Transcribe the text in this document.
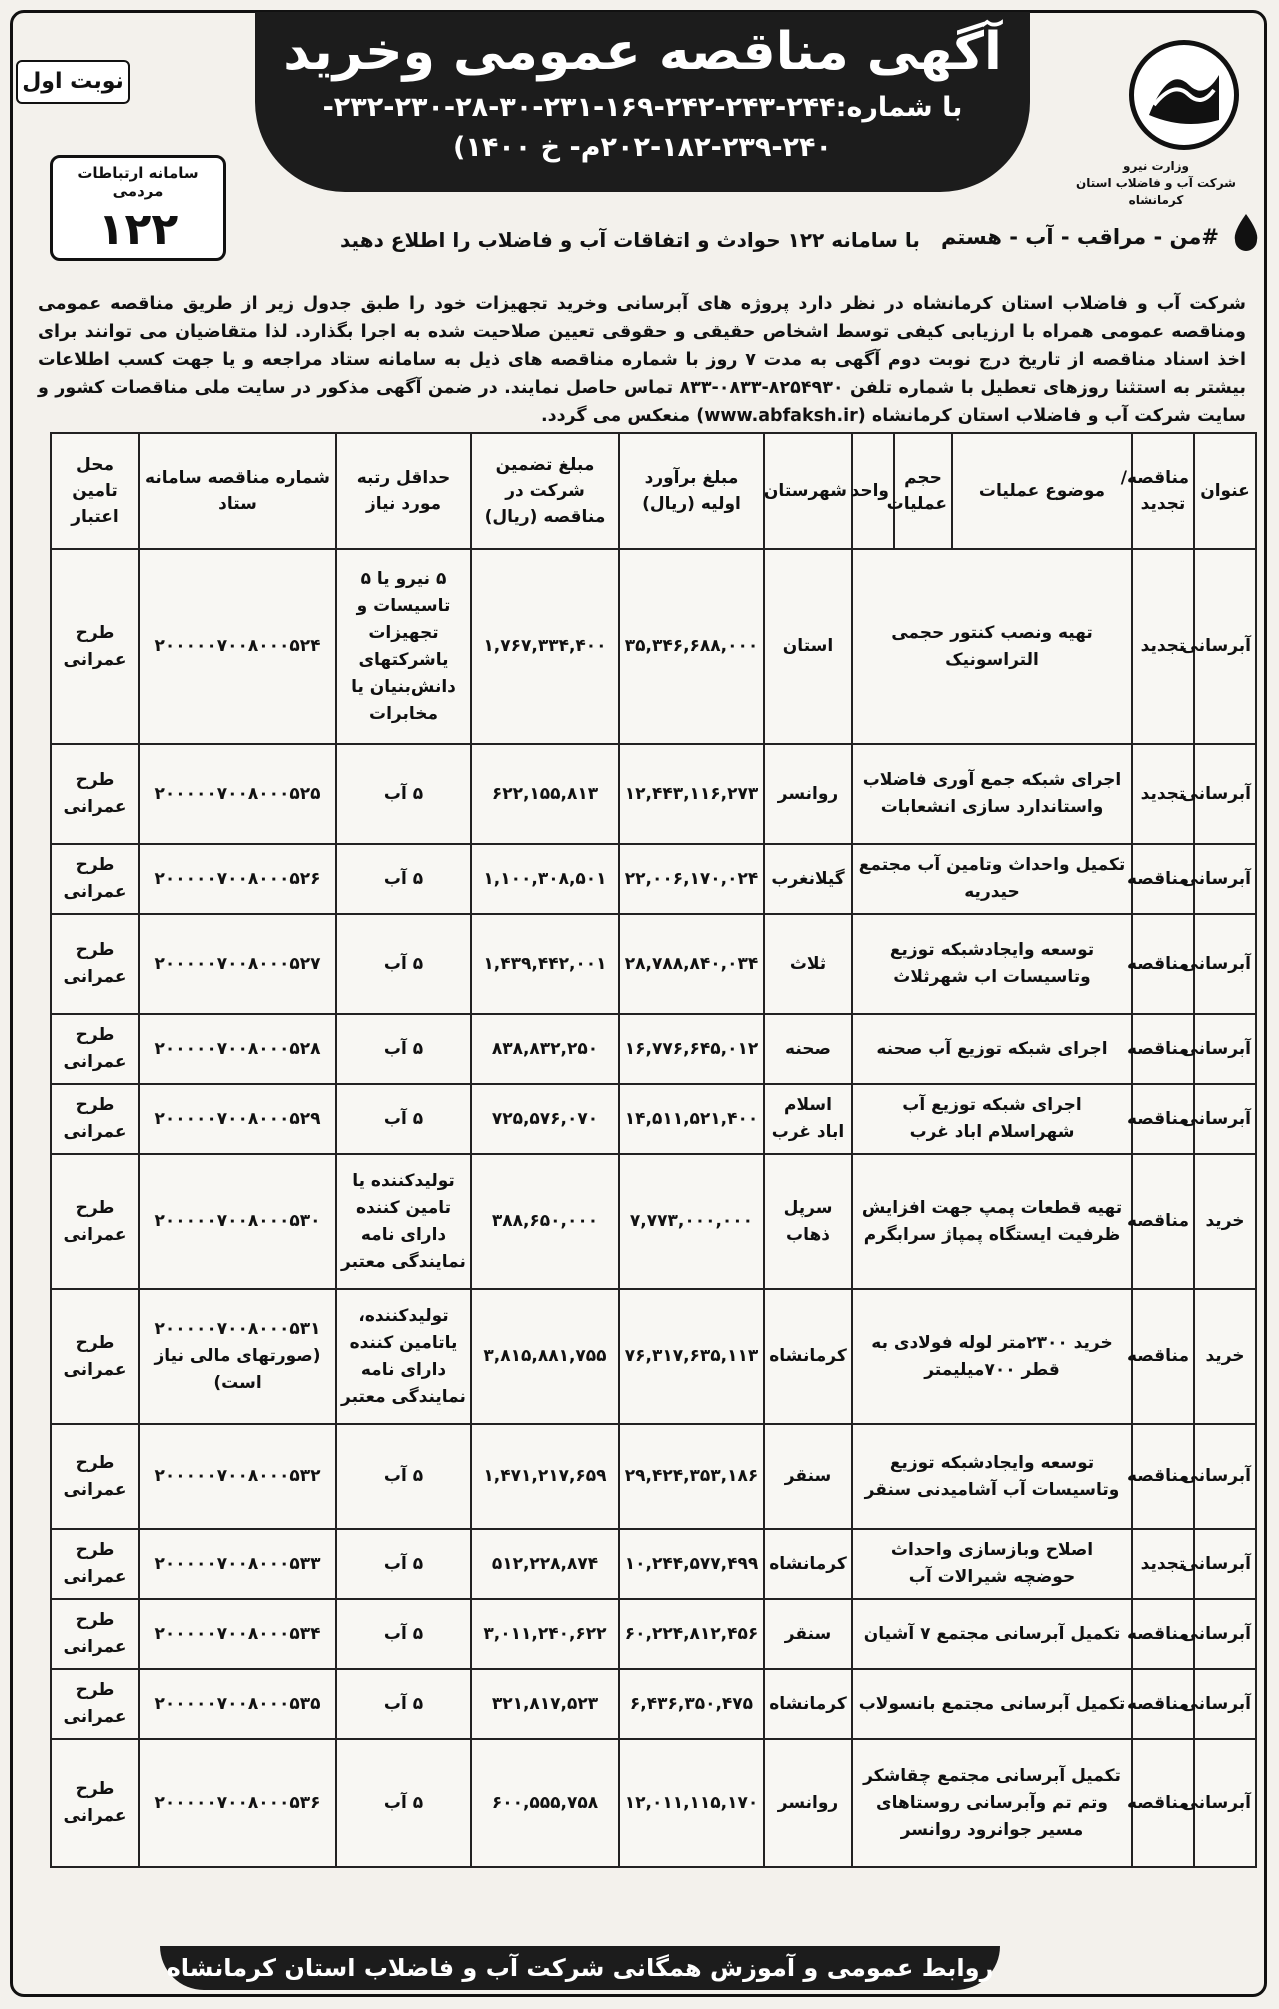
نوبت اول	آگهی مناقصه عمومی وخرید
با شماره:۲۴۴-۲۴۳-۲۴۲-۱۶۹-۲۳۱-۳۰-۲۸-۲۳۰-۲۳۲- ۲۴۰-۲۳۹-۱۸۲-۲۰۲م- خ ۱۴۰۰)
وزارت نیرو
شرکت آب و فاضلاب استان کرمانشاه
سامانه ارتباطات مردمی
۱۲۲	#من - مراقب - آب - هستم
با سامانه ۱۲۲ حوادث و اتفاقات آب و فاضلاب را اطلاع دهید
شرکت آب و فاضلاب استان کرمانشاه در نظر دارد پروژه های آبرسانی وخرید تجهیزات خود را طبق جدول زیر از طریق مناقصه عمومی ومناقصه عمومی همراه با ارزیابی کیفی توسط اشخاص حقیقی و حقوقی تعیین صلاحیت شده به اجرا بگذارد. لذا متقاضیان می توانند برای اخذ اسناد مناقصه از تاریخ درج نوبت دوم آگهی به مدت ۷ روز با شماره مناقصه های ذیل به سامانه ستاد مراجعه و یا جهت کسب اطلاعات بیشتر به استثنا روزهای تعطیل با شماره تلفن ۸۲۵۴۹۳۰-۰۸۳۳-۸۳۳ تماس حاصل نمایند. در ضمن آگهی مذکور در سایت ملی مناقصات کشور و سایت شرکت آب و فاضلاب استان کرمانشاه (www.abfaksh.ir) منعکس می گردد.
عنوان	مناقصه/ تجدید	موضوع عملیات	حجم عملیات	واحد	شهرستان	مبلغ برآورد اولیه (ریال)	مبلغ تضمین شرکت در مناقصه (ریال)	حداقل رتبه مورد نیاز	شماره مناقصه سامانه ستاد	محل تامین اعتبار
آبرسانی	تجدید	تهیه ونصب کنتور حجمی التراسونیک			استان	۳۵,۳۴۶,۶۸۸,۰۰۰	۱,۷۶۷,۳۳۴,۴۰۰	۵ نیرو یا ۵ تاسیسات و تجهیزات یاشرکتهای دانش‌بنیان یا مخابرات	۲۰۰۰۰۰۷۰۰۸۰۰۰۵۲۴	طرح عمرانی
آبرسانی	تجدید	اجرای شبکه جمع آوری فاضلاب واستاندارد سازی انشعابات			روانسر	۱۲,۴۴۳,۱۱۶,۲۷۳	۶۲۲,۱۵۵,۸۱۳	۵ آب	۲۰۰۰۰۰۷۰۰۸۰۰۰۵۲۵	طرح عمرانی
آبرسانی	مناقصه	تکمیل واحداث وتامین آب مجتمع حیدریه			گیلانغرب	۲۲,۰۰۶,۱۷۰,۰۲۴	۱,۱۰۰,۳۰۸,۵۰۱	۵ آب	۲۰۰۰۰۰۷۰۰۸۰۰۰۵۲۶	طرح عمرانی
آبرسانی	مناقصه	توسعه وایجادشبکه توزیع وتاسیسات اب شهرثلاث			ثلاث	۲۸,۷۸۸,۸۴۰,۰۳۴	۱,۴۳۹,۴۴۲,۰۰۱	۵ آب	۲۰۰۰۰۰۷۰۰۸۰۰۰۵۲۷	طرح عمرانی
آبرسانی	مناقصه	اجرای شبکه توزیع آب صحنه			صحنه	۱۶,۷۷۶,۶۴۵,۰۱۲	۸۳۸,۸۳۲,۲۵۰	۵ آب	۲۰۰۰۰۰۷۰۰۸۰۰۰۵۲۸	طرح عمرانی
آبرسانی	مناقصه	اجرای شبکه توزیع آب شهراسلام اباد غرب			اسلام اباد غرب	۱۴,۵۱۱,۵۲۱,۴۰۰	۷۲۵,۵۷۶,۰۷۰	۵ آب	۲۰۰۰۰۰۷۰۰۸۰۰۰۵۲۹	طرح عمرانی
خرید	مناقصه	تهیه قطعات پمپ جهت افزایش ظرفیت ایستگاه پمپاژ سرابگرم			سرپل ذهاب	۷,۷۷۳,۰۰۰,۰۰۰	۳۸۸,۶۵۰,۰۰۰	تولیدکننده یا تامین کننده دارای نامه نمایندگی معتبر	۲۰۰۰۰۰۷۰۰۸۰۰۰۵۳۰	طرح عمرانی
خرید	مناقصه	خرید ۲۳۰۰متر لوله فولادی به قطر ۷۰۰میلیمتر			کرمانشاه	۷۶,۳۱۷,۶۳۵,۱۱۳	۳,۸۱۵,۸۸۱,۷۵۵	تولیدکننده، یاتامین کننده دارای نامه نمایندگی معتبر	۲۰۰۰۰۰۷۰۰۸۰۰۰۵۳۱ (صورتهای مالی نیاز است)	طرح عمرانی
آبرسانی	مناقصه	توسعه وایجادشبکه توزیع وتاسیسات آب آشامیدنی سنقر			سنقر	۲۹,۴۲۴,۳۵۳,۱۸۶	۱,۴۷۱,۲۱۷,۶۵۹	۵ آب	۲۰۰۰۰۰۷۰۰۸۰۰۰۵۳۲	طرح عمرانی
آبرسانی	تجدید	اصلاح وبازسازی واحداث حوضچه شیرالات آب			کرمانشاه	۱۰,۲۴۴,۵۷۷,۴۹۹	۵۱۲,۲۲۸,۸۷۴	۵ آب	۲۰۰۰۰۰۷۰۰۸۰۰۰۵۳۳	طرح عمرانی
آبرسانی	مناقصه	تکمیل آبرسانی مجتمع ۷ آشیان			سنقر	۶۰,۲۲۴,۸۱۲,۴۵۶	۳,۰۱۱,۲۴۰,۶۲۲	۵ آب	۲۰۰۰۰۰۷۰۰۸۰۰۰۵۳۴	طرح عمرانی
آبرسانی	مناقصه	تکمیل آبرسانی مجتمع بانسولاب			کرمانشاه	۶,۴۳۶,۳۵۰,۴۷۵	۳۲۱,۸۱۷,۵۲۳	۵ آب	۲۰۰۰۰۰۷۰۰۸۰۰۰۵۳۵	طرح عمرانی
آبرسانی	مناقصه	تکمیل آبرسانی مجتمع چقاشکر وتم تم وآبرسانی روستاهای مسیر جوانرود روانسر			روانسر	۱۲,۰۱۱,۱۱۵,۱۷۰	۶۰۰,۵۵۵,۷۵۸	۵ آب	۲۰۰۰۰۰۷۰۰۸۰۰۰۵۳۶	طرح عمرانی
روابط عمومی و آموزش همگانی شرکت آب و فاضلاب استان کرمانشاه
